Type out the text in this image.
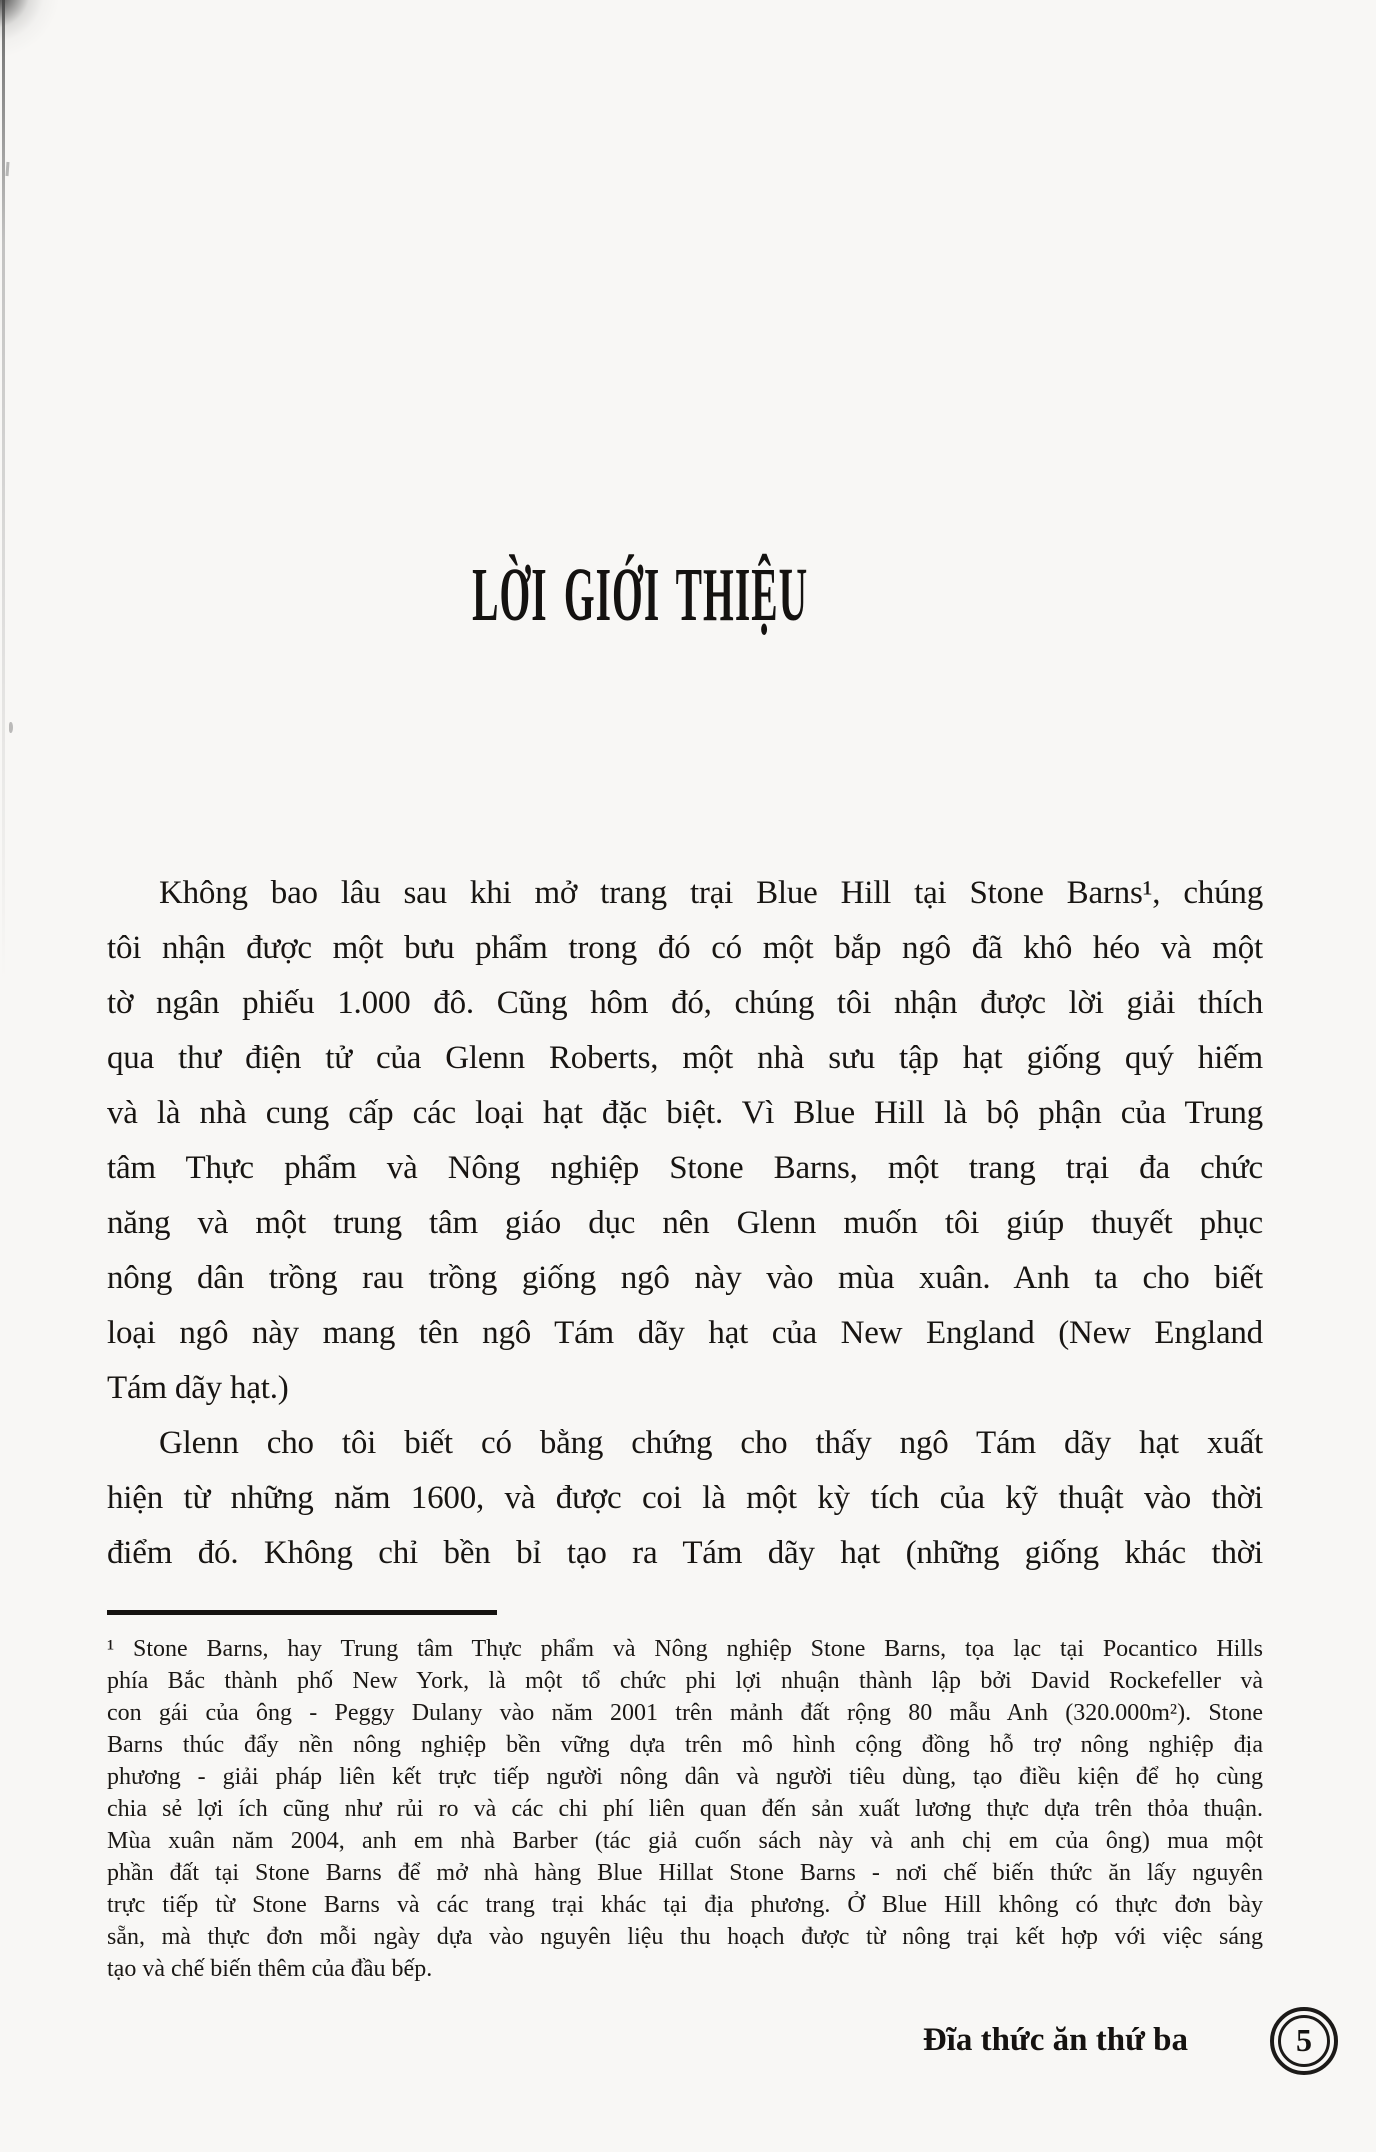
LỜI GIỚI THIỆU
Không bao lâu sau khi mở trang trại Blue Hill tại Stone Barns¹, chúng
tôi nhận được một bưu phẩm trong đó có một bắp ngô đã khô héo và một
tờ ngân phiếu 1.000 đô. Cũng hôm đó, chúng tôi nhận được lời giải thích
qua thư điện tử của Glenn Roberts, một nhà sưu tập hạt giống quý hiếm
và là nhà cung cấp các loại hạt đặc biệt. Vì Blue Hill là bộ phận của Trung
tâm Thực phẩm và Nông nghiệp Stone Barns, một trang trại đa chức
năng và một trung tâm giáo dục nên Glenn muốn tôi giúp thuyết phục
nông dân trồng rau trồng giống ngô này vào mùa xuân. Anh ta cho biết
loại ngô này mang tên ngô Tám dãy hạt của New England (New England
Tám dãy hạt.)
Glenn cho tôi biết có bằng chứng cho thấy ngô Tám dãy hạt xuất
hiện từ những năm 1600, và được coi là một kỳ tích của kỹ thuật vào thời
điểm đó. Không chỉ bền bỉ tạo ra Tám dãy hạt (những giống khác thời
¹ Stone Barns, hay Trung tâm Thực phẩm và Nông nghiệp Stone Barns, tọa lạc tại Pocantico Hills
phía Bắc thành phố New York, là một tổ chức phi lợi nhuận thành lập bởi David Rockefeller và
con gái của ông - Peggy Dulany vào năm 2001 trên mảnh đất rộng 80 mẫu Anh (320.000m²). Stone
Barns thúc đẩy nền nông nghiệp bền vững dựa trên mô hình cộng đồng hỗ trợ nông nghiệp địa
phương - giải pháp liên kết trực tiếp người nông dân và người tiêu dùng, tạo điều kiện để họ cùng
chia sẻ lợi ích cũng như rủi ro và các chi phí liên quan đến sản xuất lương thực dựa trên thỏa thuận.
Mùa xuân năm 2004, anh em nhà Barber (tác giả cuốn sách này và anh chị em của ông) mua một
phần đất tại Stone Barns để mở nhà hàng Blue Hillat Stone Barns - nơi chế biến thức ăn lấy nguyên
trực tiếp từ Stone Barns và các trang trại khác tại địa phương. Ở Blue Hill không có thực đơn bày
sẵn, mà thực đơn mỗi ngày dựa vào nguyên liệu thu hoạch được từ nông trại kết hợp với việc sáng
tạo và chế biến thêm của đầu bếp.
Đĩa thức ăn thứ ba	5
